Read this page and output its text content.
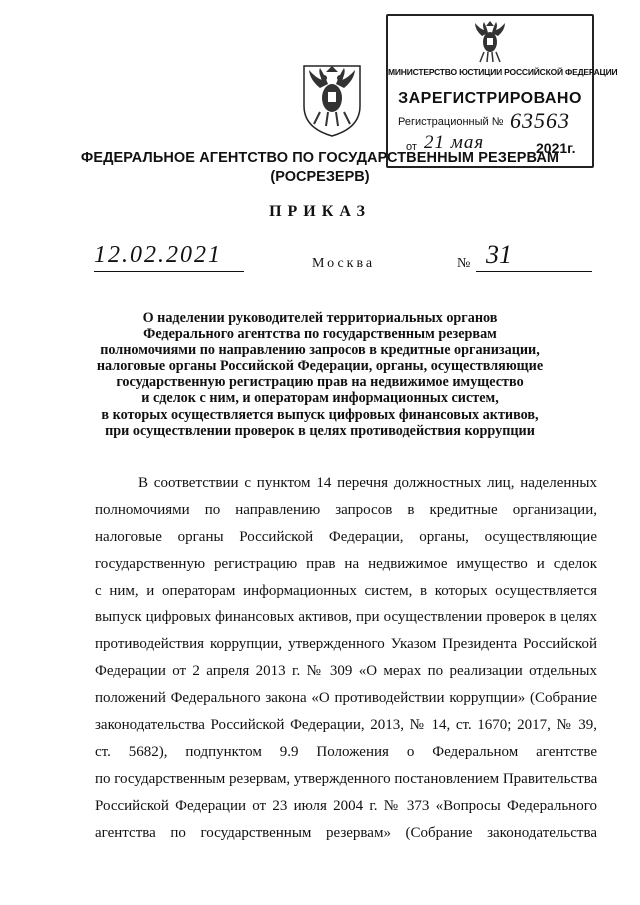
МИНИСТЕРСТВО ЮСТИЦИИ РОССИЙСКОЙ ФЕДЕРАЦИИ
ЗАРЕГИСТРИРОВАНО
Регистрационный № 63563
от 21 мая	2021г.
ФЕДЕРАЛЬНОЕ АГЕНТСТВО ПО ГОСУДАРСТВЕННЫМ РЕЗЕРВАМ
(РОСРЕЗЕРВ)
ПРИКАЗ
12.02.2021	Москва	№ 31
О наделении руководителей территориальных органов
Федерального агентства по государственным резервам
полномочиями по направлению запросов в кредитные организации,
налоговые органы Российской Федерации, органы, осуществляющие
государственную регистрацию прав на недвижимое имущество
и сделок с ним, и операторам информационных систем,
в которых осуществляется выпуск цифровых финансовых активов,
при осуществлении проверок в целях противодействия коррупции
В соответствии с пунктом 14 перечня должностных лиц, наделенных
полномочиями по направлению запросов в кредитные организации,
налоговые органы Российской Федерации, органы, осуществляющие
государственную регистрацию прав на недвижимое имущество и сделок
с ним, и операторам информационных систем, в которых осуществляется
выпуск цифровых финансовых активов, при осуществлении проверок в целях
противодействия коррупции, утвержденного Указом Президента Российской
Федерации от 2 апреля 2013 г. № 309 «О мерах по реализации отдельных
положений Федерального закона «О противодействии коррупции» (Собрание
законодательства Российской Федерации, 2013, № 14, ст. 1670; 2017, № 39,
ст. 5682), подпунктом 9.9 Положения о Федеральном агентстве
по государственным резервам, утвержденного постановлением Правительства
Российской Федерации от 23 июля 2004 г. № 373 «Вопросы Федерального
агентства по государственным резервам» (Собрание законодательства
